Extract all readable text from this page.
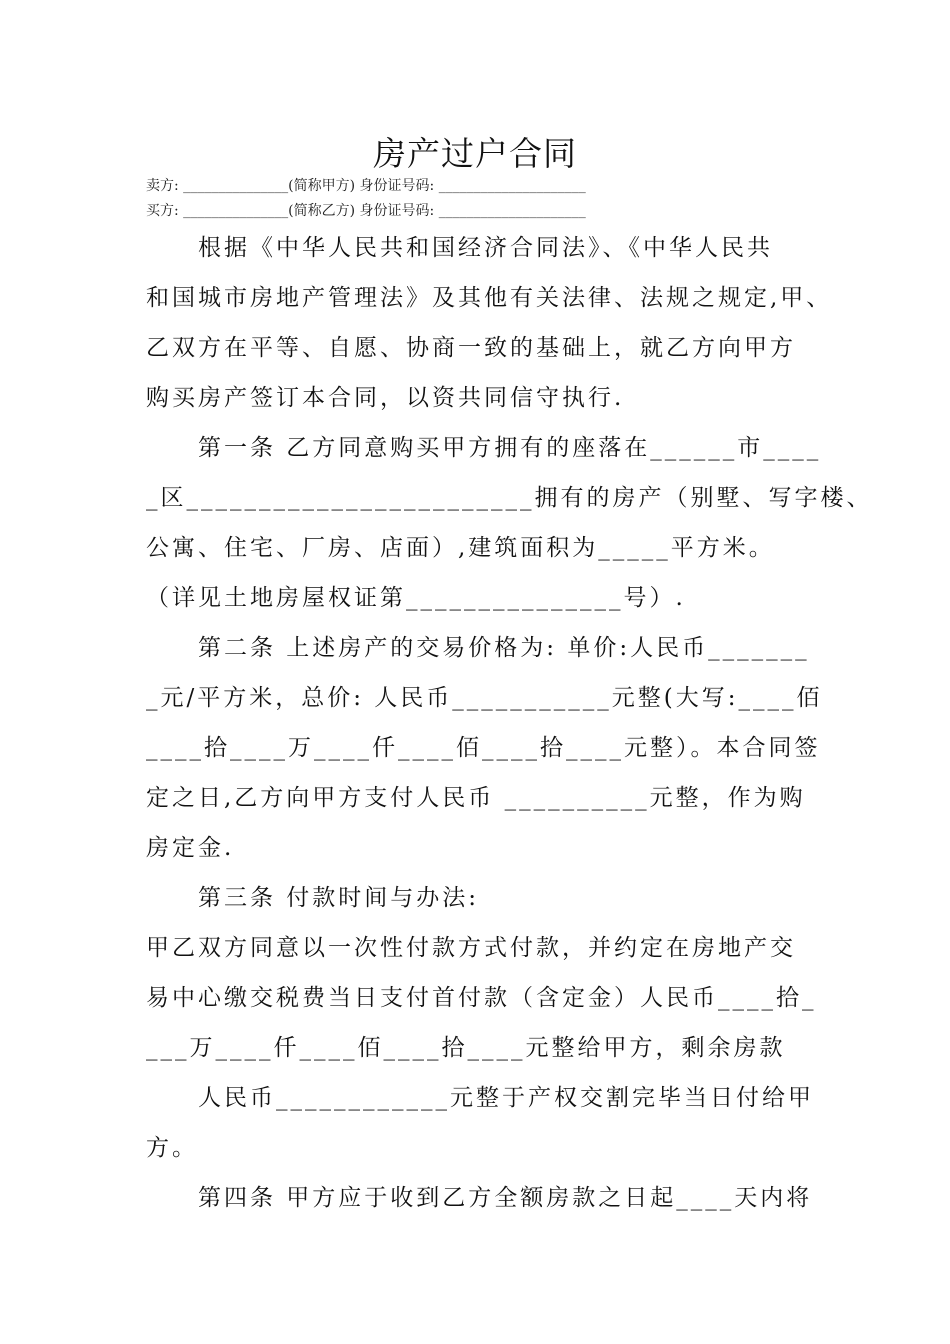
房产过户合同
卖方: _______________(简称甲方) 身份证号码: _____________________
买方: _______________(简称乙方) 身份证号码: _____________________
根据《中华人民共和国经济合同法》、《中华人民共
和国城市房地产管理法》及其他有关法律、法规之规定,甲、
乙双方在平等、自愿、协商一致的基础上，就乙方向甲方
购买房产签订本合同，以资共同信守执行.
第一条 乙方同意购买甲方拥有的座落在______市____
_区________________________拥有的房产（别墅、写字楼、
公寓、住宅、厂房、店面）,建筑面积为_____平方米。
（详见土地房屋权证第_______________号）.
第二条 上述房产的交易价格为: 单价:人民币_______
_元/平方米，总价: 人民币___________元整(大写:____佰
____拾____万____仟____佰____拾____元整）。本合同签
定之日,乙方向甲方支付人民币 __________元整，作为购
房定金.
第三条 付款时间与办法:
甲乙双方同意以一次性付款方式付款，并约定在房地产交
易中心缴交税费当日支付首付款（含定金）人民币____拾_
___万____仟____佰____拾____元整给甲方，剩余房款
人民币____________元整于产权交割完毕当日付给甲
方。
第四条 甲方应于收到乙方全额房款之日起____天内将
